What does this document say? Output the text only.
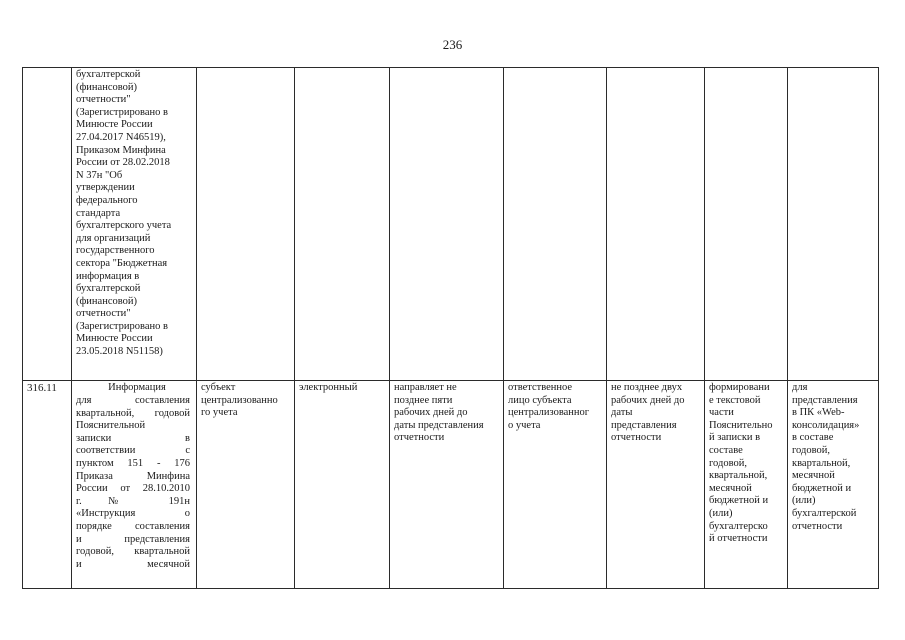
236
бухгалтерской
(финансовой)
отчетности"
(Зарегистрировано в
Минюсте России
27.04.2017 N46519),
Приказом Минфина
России от 28.02.2018
N 37н "Об
утверждении
федерального
стандарта
бухгалтерского учета
для организаций
государственного
сектора "Бюджетная
информация в
бухгалтерской
(финансовой)
отчетности"
(Зарегистрировано в
Минюсте России
23.05.2018 N51158)
316.11	Информация
для составления
квартальной, годовой
Пояснительной
записки в
соответствии с
пунктом 151 - 176
Приказа Минфина
России от 28.10.2010
г. № 191н
«Инструкция о
порядке составления
и представления
годовой, квартальной
и месячной
субъект
централизованно
го учета
электронный	направляет не
позднее пяти
рабочих дней до
даты представления
отчетности
ответственное
лицо субъекта
централизованног
о учета
не позднее двух
рабочих дней до
даты
представления
отчетности
формировани
е текстовой
части
Пояснительно
й записки в
составе
годовой,
квартальной,
месячной
бюджетной и
(или)
бухгалтерско
й отчетности
для
представления
в ПК «Web-
консолидация»
в составе
годовой,
квартальной,
месячной
бюджетной и
(или)
бухгалтерской
отчетности
